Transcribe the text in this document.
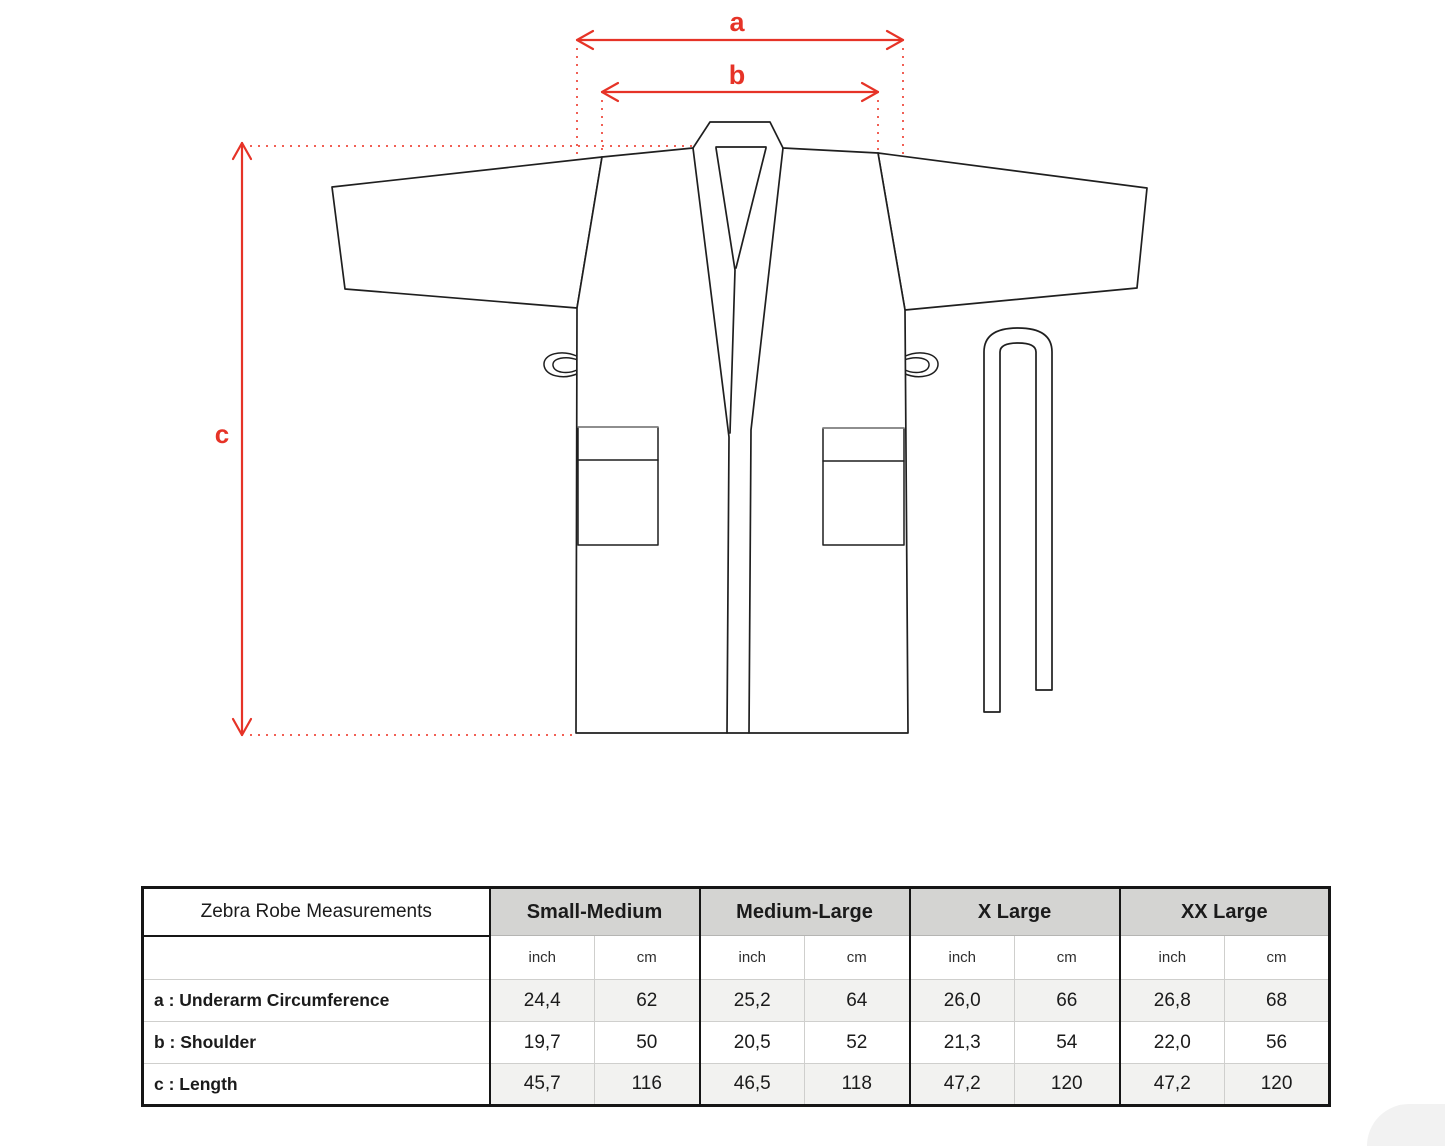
a
b
c
Zebra Robe Measurements	Small-Medium		Medium-Large		X Large		XX Large	
	inch	cm	inch	cm	inch	cm	inch	cm
a : Underarm Circumference	24,4	62	25,2	64	26,0	66	26,8	68
b : Shoulder	19,7	50	20,5	52	21,3	54	22,0	56
c : Length	45,7	116	46,5	118	47,2	120	47,2	120
